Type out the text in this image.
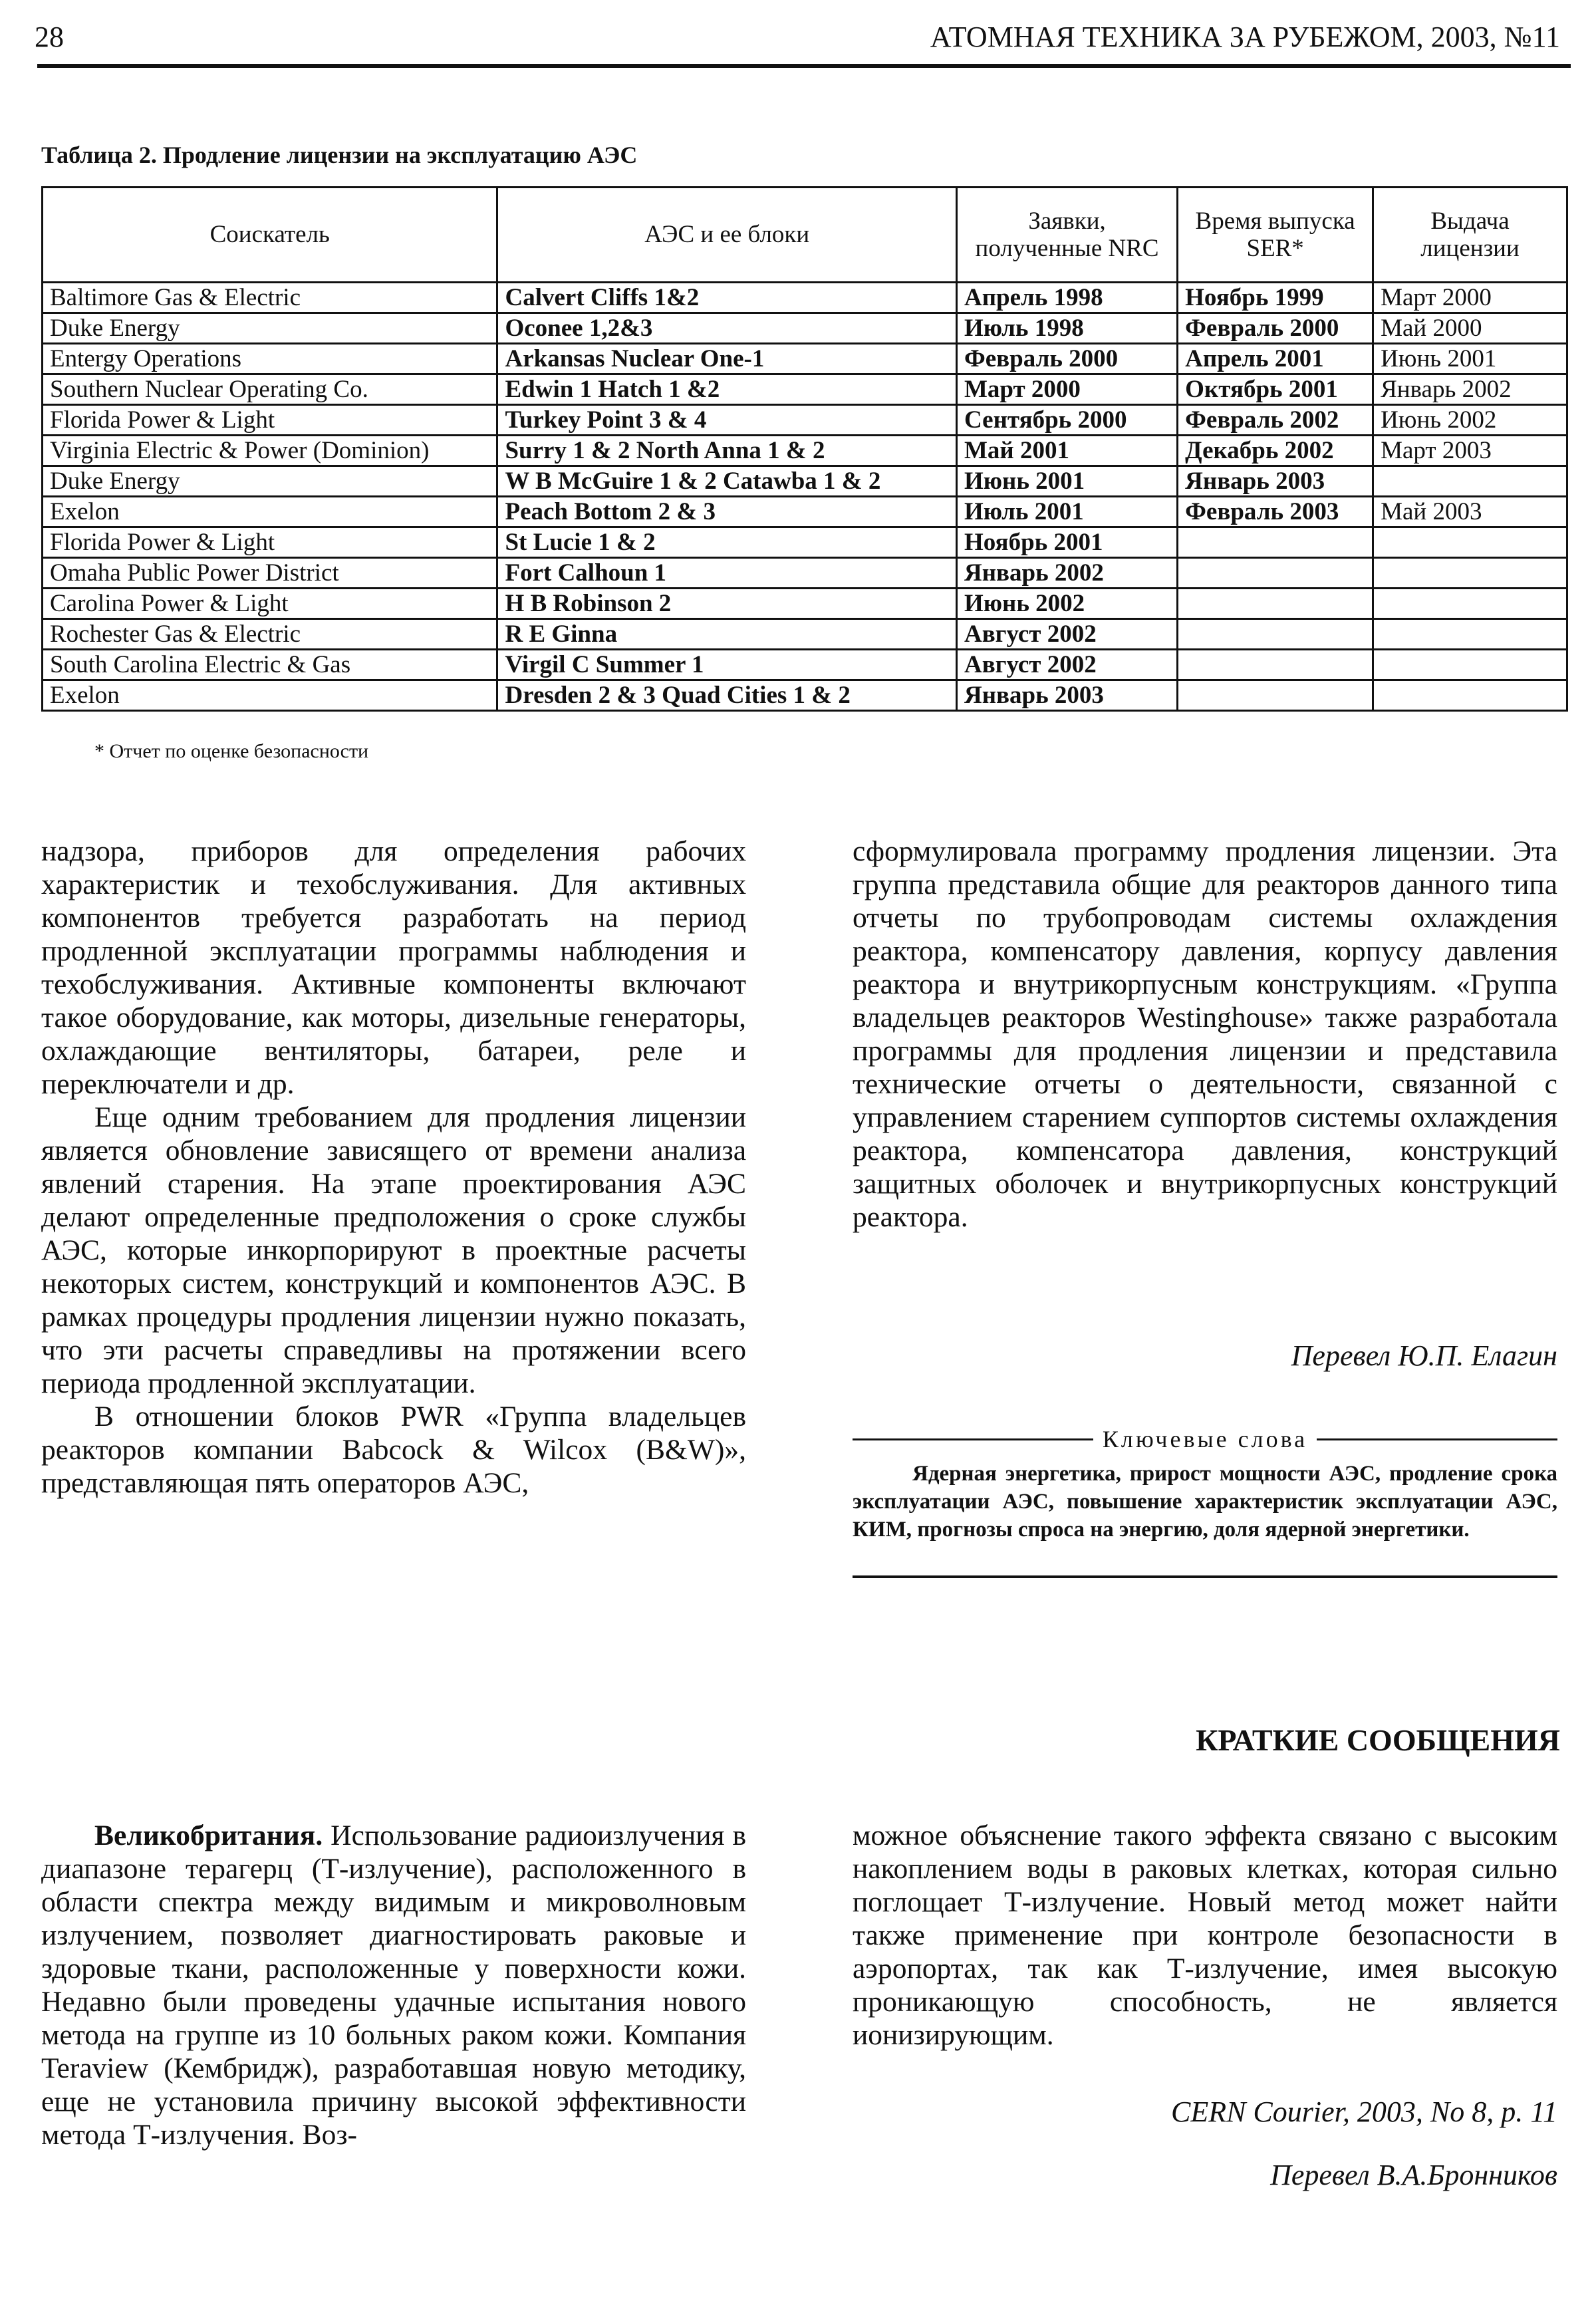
28	АТОМНАЯ ТЕХНИКА ЗА РУБЕЖОМ, 2003, №11
Таблица 2. Продление лицензии на эксплуатацию АЭС
Соискатель	АЭС и ее блоки	Заявки, полученные NRC	Время выпуска SER*	Выдача лицензии
Baltimore Gas & Electric	Calvert Cliffs 1&2	Апрель 1998	Ноябрь 1999	Март 2000
Duke Energy	Oconee 1,2&3	Июль 1998	Февраль 2000	Май 2000
Entergy Operations	Arkansas Nuclear One-1	Февраль 2000	Апрель 2001	Июнь 2001
Southern Nuclear Operating Co.	Edwin 1 Hatch 1 &2	Март 2000	Октябрь 2001	Январь 2002
Florida Power & Light	Turkey Point 3 & 4	Сентябрь 2000	Февраль 2002	Июнь 2002
Virginia Electric & Power (Dominion)	Surry 1 & 2 North Anna 1 & 2	Май 2001	Декабрь 2002	Март 2003
Duke Energy	W B McGuire 1 & 2 Catawba 1 & 2	Июнь 2001	Январь 2003	
Exelon	Peach Bottom 2 & 3	Июль 2001	Февраль 2003	Май 2003
Florida Power & Light	St Lucie 1 & 2	Ноябрь 2001		
Omaha Public Power District	Fort Calhoun 1	Январь 2002		
Carolina Power & Light	H B Robinson 2	Июнь 2002		
Rochester Gas & Electric	R E Ginna	Август 2002		
South Carolina Electric & Gas	Virgil C Summer 1	Август 2002		
Exelon	Dresden 2 & 3 Quad Cities 1 & 2	Январь 2003		
* Отчет по оценке безопасности

надзора, приборов для определения рабочих характеристик и техобслуживания. Для активных компонентов требуется разработать на период продленной эксплуатации программы наблюдения и техобслуживания. Активные компоненты включают такое оборудование, как моторы, дизельные генераторы, охлаждающие вентиляторы, батареи, реле и переключатели и др.

Еще одним требованием для продления лицензии является обновление зависящего от времени анализа явлений старения. На этапе проектирования АЭС делают определенные предположения о сроке службы АЭС, которые инкорпорируют в проектные расчеты некоторых систем, конструкций и компонентов АЭС. В рамках процедуры продления лицензии нужно показать, что эти расчеты справедливы на протяжении всего периода продленной эксплуатации.

В отношении блоков PWR «Группа владельцев реакторов компании Babcock & Wilcox (B&W)», представляющая пять операторов АЭС,

сформулировала программу продления лицензии. Эта группа представила общие для реакторов данного типа отчеты по трубопроводам системы охлаждения реактора, компенсатору давления, корпусу давления реактора и внутрикорпусным конструкциям. «Группа владельцев реакторов Westinghouse» также разработала программы для продления лицензии и представила технические отчеты о деятельности, связанной с управлением старением суппортов системы охлаждения реактора, компенсатора давления, конструкций защитных оболочек и внутрикорпусных конструкций реактора.

Перевел Ю.П. Елагин
Ключевые слова
Ядерная энергетика, прирост мощности АЭС, продление срока эксплуатации АЭС, повышение характеристик эксплуатации АЭС, КИМ, прогнозы спроса на энергию, доля ядерной энергетики.
КРАТКИЕ СООБЩЕНИЯ

Великобритания. Использование радиоизлучения в диапазоне терагерц (Т-излучение), расположенного в области спектра между видимым и микроволновым излучением, позволяет диагностировать раковые и здоровые ткани, расположенные у поверхности кожи. Недавно были проведены удачные испытания нового метода на группе из 10 больных раком кожи. Компания Teraview (Кембридж), разработавшая новую методику, еще не установила причину высокой эффективности метода Т-излучения. Воз-

можное объяснение такого эффекта связано с высоким накоплением воды в раковых клетках, которая сильно поглощает Т-излучение. Новый метод может найти также применение при контроле безопасности в аэропортах, так как Т-излучение, имея высокую проникающую способность, не является ионизирующим.

CERN Courier, 2003, No 8, p. 11
Перевел В.А.Бронников
